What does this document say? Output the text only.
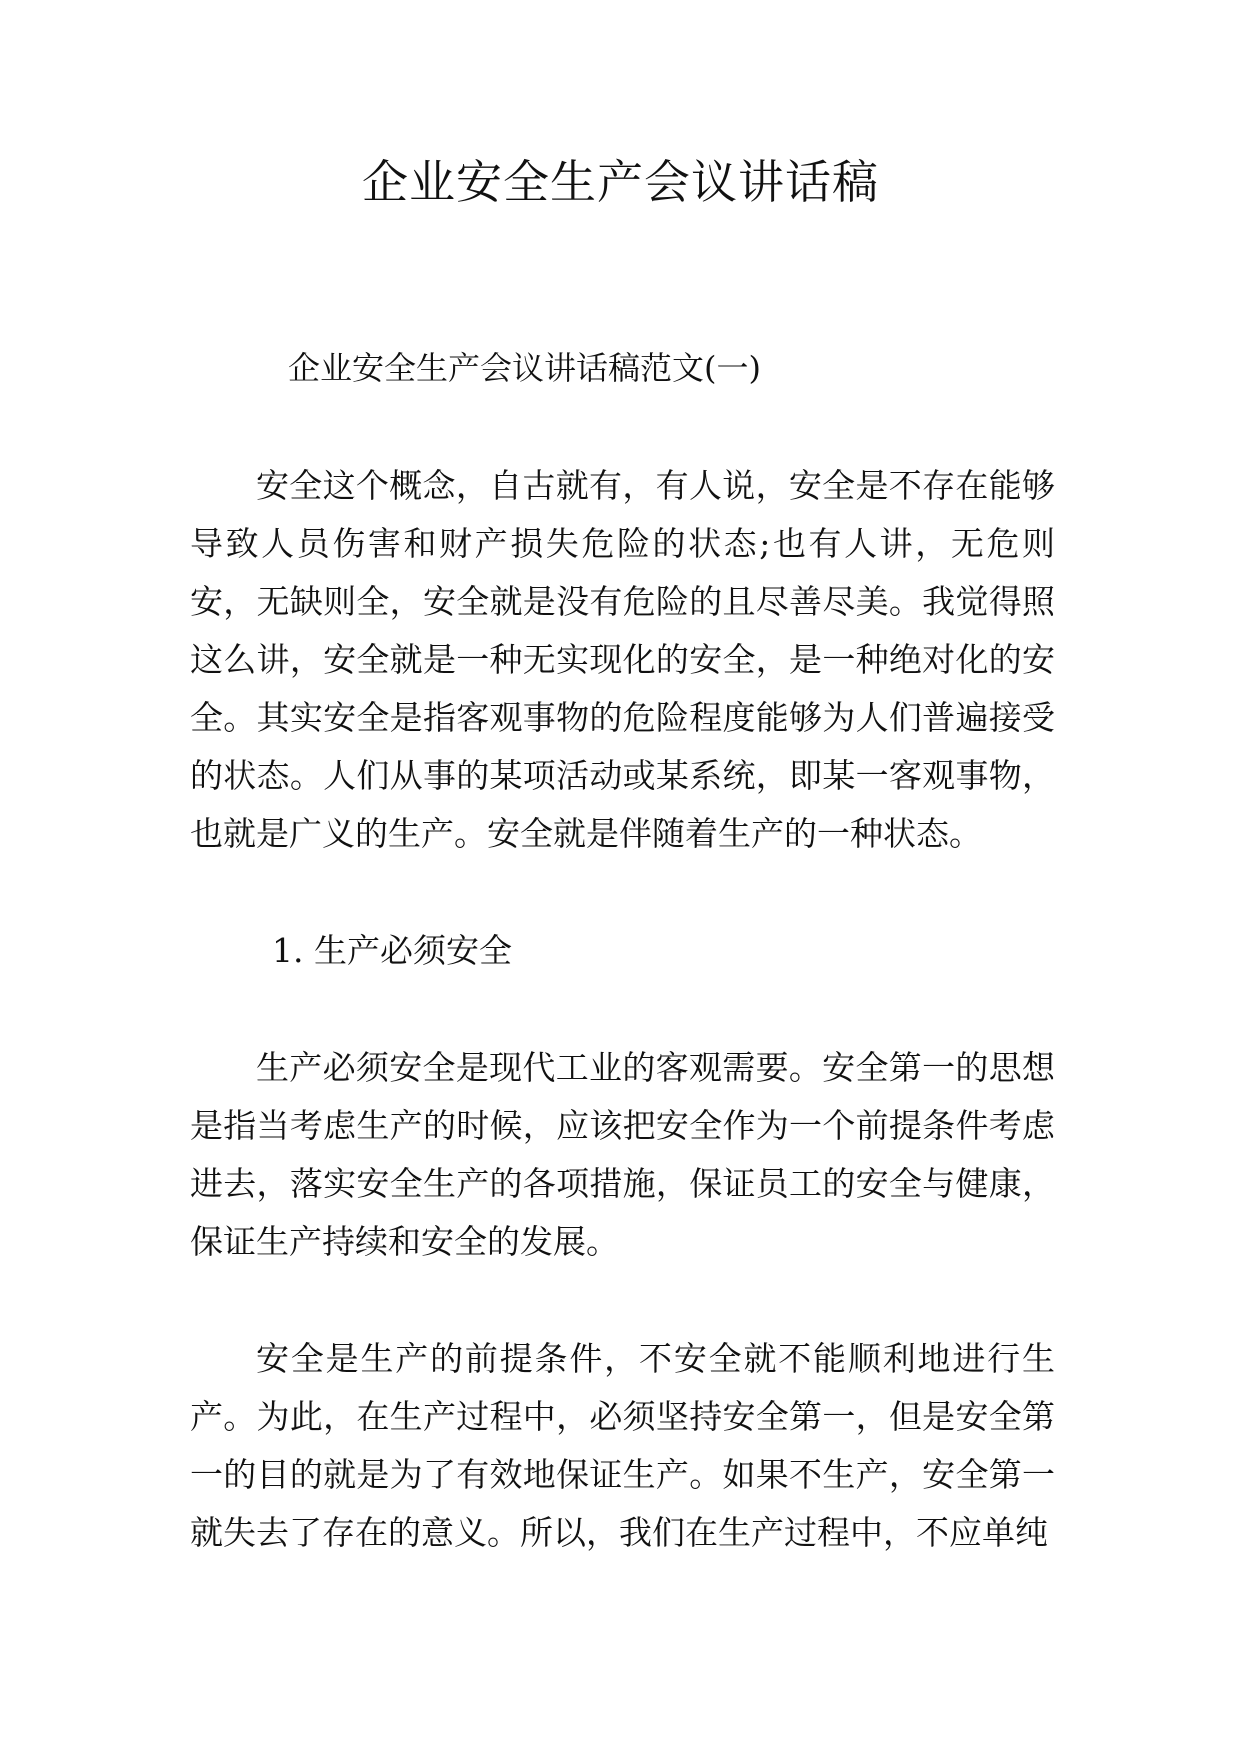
企业安全生产会议讲话稿
企业安全生产会议讲话稿范文(一)

安全这个概念，自古就有，有人说，安全是不存在能够导致人员伤害和财产损失危险的状态;也有人讲，无危则安，无缺则全，安全就是没有危险的且尽善尽美。我觉得照这么讲，安全就是一种无实现化的安全，是一种绝对化的安全。其实安全是指客观事物的危险程度能够为人们普遍接受的状态。人们从事的某项活动或某系统，即某一客观事物，也就是广义的生产。安全就是伴随着生产的一种状态。

1. 生产必须安全

生产必须安全是现代工业的客观需要。安全第一的思想是指当考虑生产的时候，应该把安全作为一个前提条件考虑进去，落实安全生产的各项措施，保证员工的安全与健康，保证生产持续和安全的发展。

安全是生产的前提条件，不安全就不能顺利地进行生产。为此，在生产过程中，必须坚持安全第一，但是安全第一的目的就是为了有效地保证生产。如果不生产，安全第一就失去了存在的意义。所以，我们在生产过程中，不应单纯
